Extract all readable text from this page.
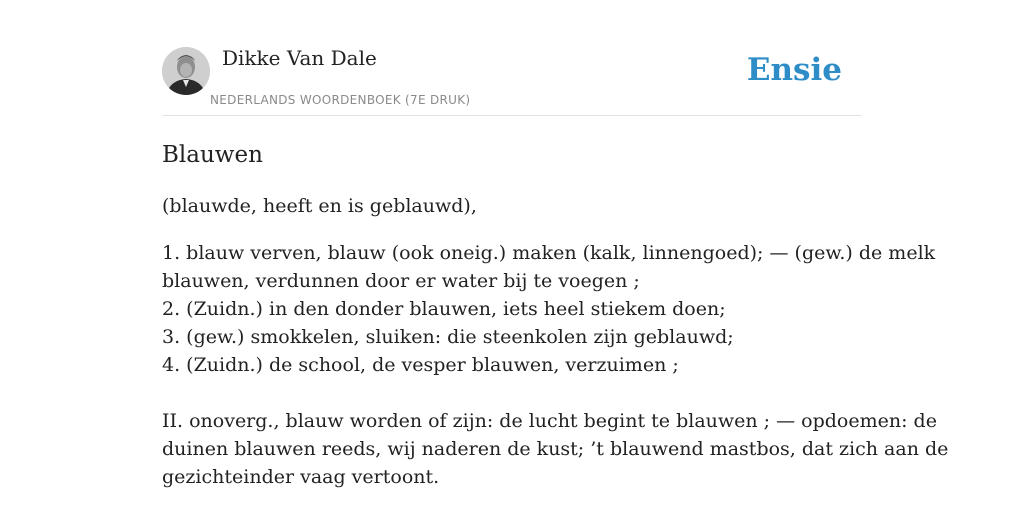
Dikke Van Dale
NEDERLANDS WOORDENBOEK (7E DRUK)
Ensie
Blauwen

(blauwde, heeft en is geblauwd),

1. blauw verven, blauw (ook oneig.) maken (kalk, linnengoed); — (gew.) de melk

blauwen, verdunnen door er water bij te voegen ;

2. (Zuidn.) in den donder blauwen, iets heel stiekem doen;

3. (gew.) smokkelen, sluiken: die steenkolen zijn geblauwd;

4. (Zuidn.) de school, de vesper blauwen, verzuimen ;

II. onoverg., blauw worden of zijn: de lucht begint te blauwen ; — opdoemen: de

duinen blauwen reeds, wij naderen de kust; ’t blauwend mastbos, dat zich aan de

gezichteinder vaag vertoont.
